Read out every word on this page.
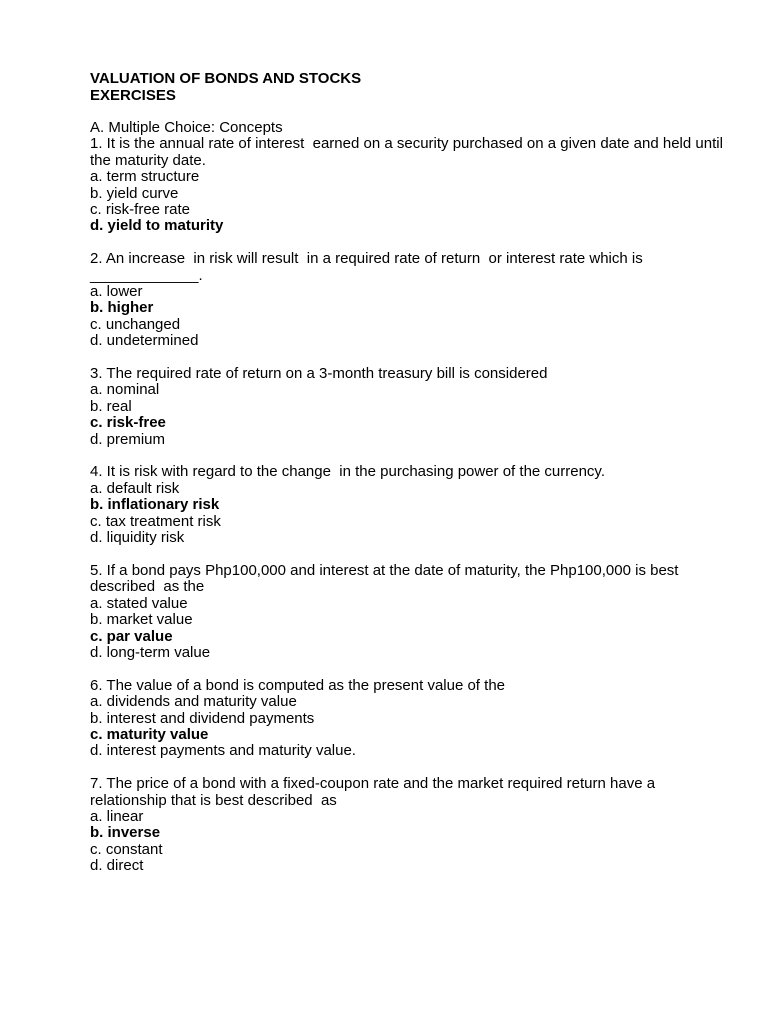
VALUATION OF BONDS AND STOCKS
EXERCISES
A. Multiple Choice: Concepts
1. It is the annual rate of interest  earned on a security purchased on a given date and held until the maturity date.
a. term structure
b. yield curve
c. risk-free rate
d. yield to maturity
2. An increase  in risk will result  in a required rate of return  or interest rate which is _____________.
a. lower
b. higher
c. unchanged
d. undetermined
3. The required rate of return on a 3-month treasury bill is considered
a. nominal
b. real
c. risk-free
d. premium
4. It is risk with regard to the change  in the purchasing power of the currency.
a. default risk
b. inflationary risk
c. tax treatment risk
d. liquidity risk
5. If a bond pays Php100,000 and interest at the date of maturity, the Php100,000 is best described  as the
a. stated value
b. market value
c. par value
d. long-term value
6. The value of a bond is computed as the present value of the
a. dividends and maturity value
b. interest and dividend payments
c. maturity value
d. interest payments and maturity value.
7. The price of a bond with a fixed-coupon rate and the market required return have a relationship that is best described  as
a. linear
b. inverse
c. constant
d. direct
